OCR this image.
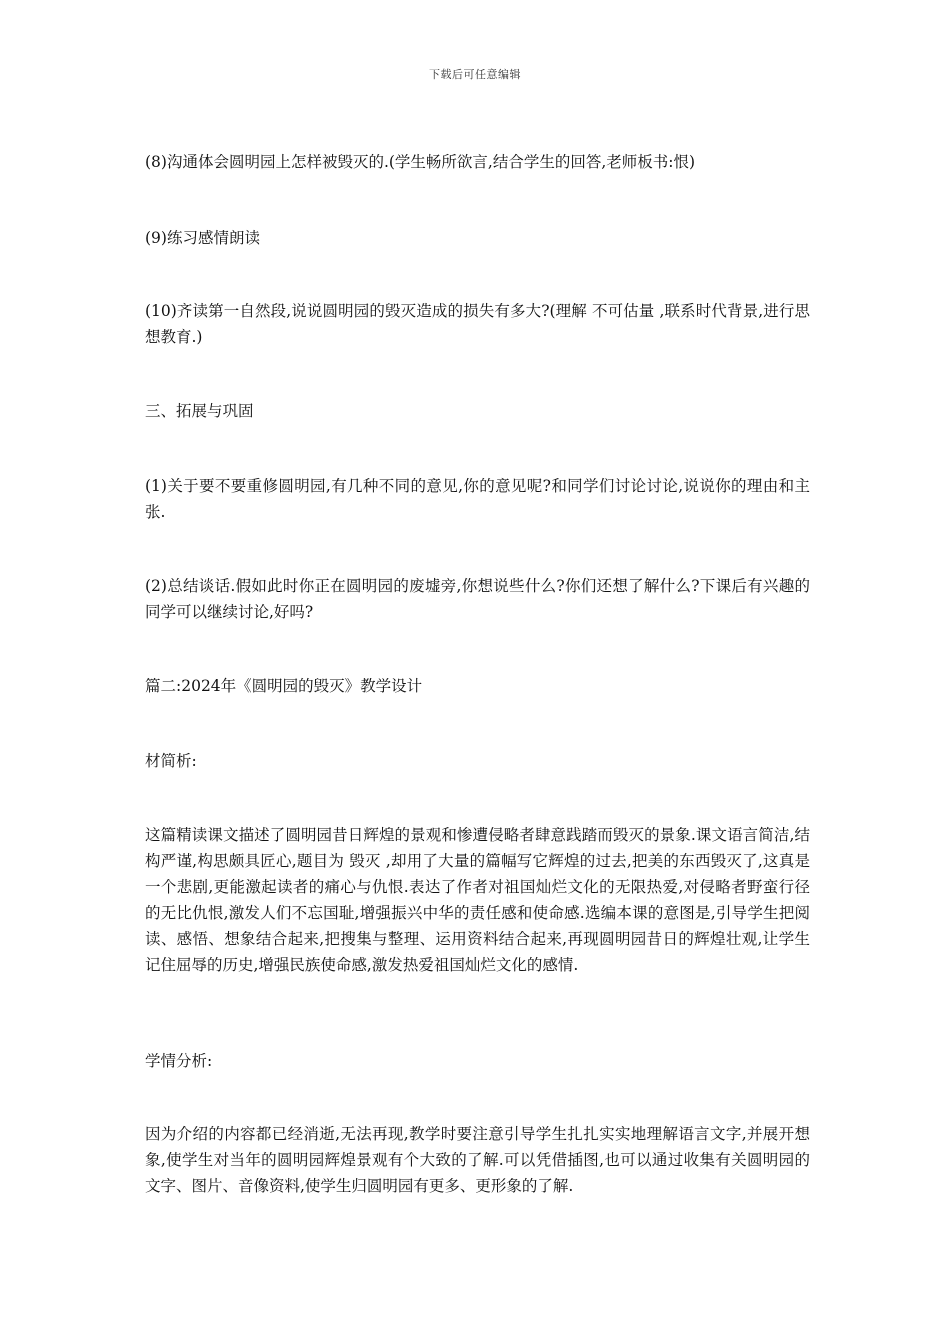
下载后可任意编辑

(8)沟通体会圆明园上怎样被毁灭的.(学生畅所欲言,结合学生的回答,老师板书:恨)

(9)练习感情朗读

(10)齐读第一自然段,说说圆明园的毁灭造成的损失有多大?(理解 不可估量 ,联系时代背景,进行思想教育.)

三、拓展与巩固

(1)关于要不要重修圆明园,有几种不同的意见,你的意见呢?和同学们讨论讨论,说说你的理由和主张.

(2)总结谈话.假如此时你正在圆明园的废墟旁,你想说些什么?你们还想了解什么?下课后有兴趣的同学可以继续讨论,好吗?

篇二:2024年《圆明园的毁灭》教学设计

材简析:

这篇精读课文描述了圆明园昔日辉煌的景观和惨遭侵略者肆意践踏而毁灭的景象.课文语言简洁,结构严谨,构思颇具匠心,题目为 毁灭 ,却用了大量的篇幅写它辉煌的过去,把美的东西毁灭了,这真是一个悲剧,更能激起读者的痛心与仇恨.表达了作者对祖国灿烂文化的无限热爱,对侵略者野蛮行径的无比仇恨,激发人们不忘国耻,增强振兴中华的责任感和使命感.选编本课的意图是,引导学生把阅读、感悟、想象结合起来,把搜集与整理、运用资料结合起来,再现圆明园昔日的辉煌壮观,让学生记住屈辱的历史,增强民族使命感,激发热爱祖国灿烂文化的感情.

学情分析:

因为介绍的内容都已经消逝,无法再现,教学时要注意引导学生扎扎实实地理解语言文字,并展开想象,使学生对当年的圆明园辉煌景观有个大致的了解.可以凭借插图,也可以通过收集有关圆明园的文字、图片、音像资料,使学生归圆明园有更多、更形象的了解.
